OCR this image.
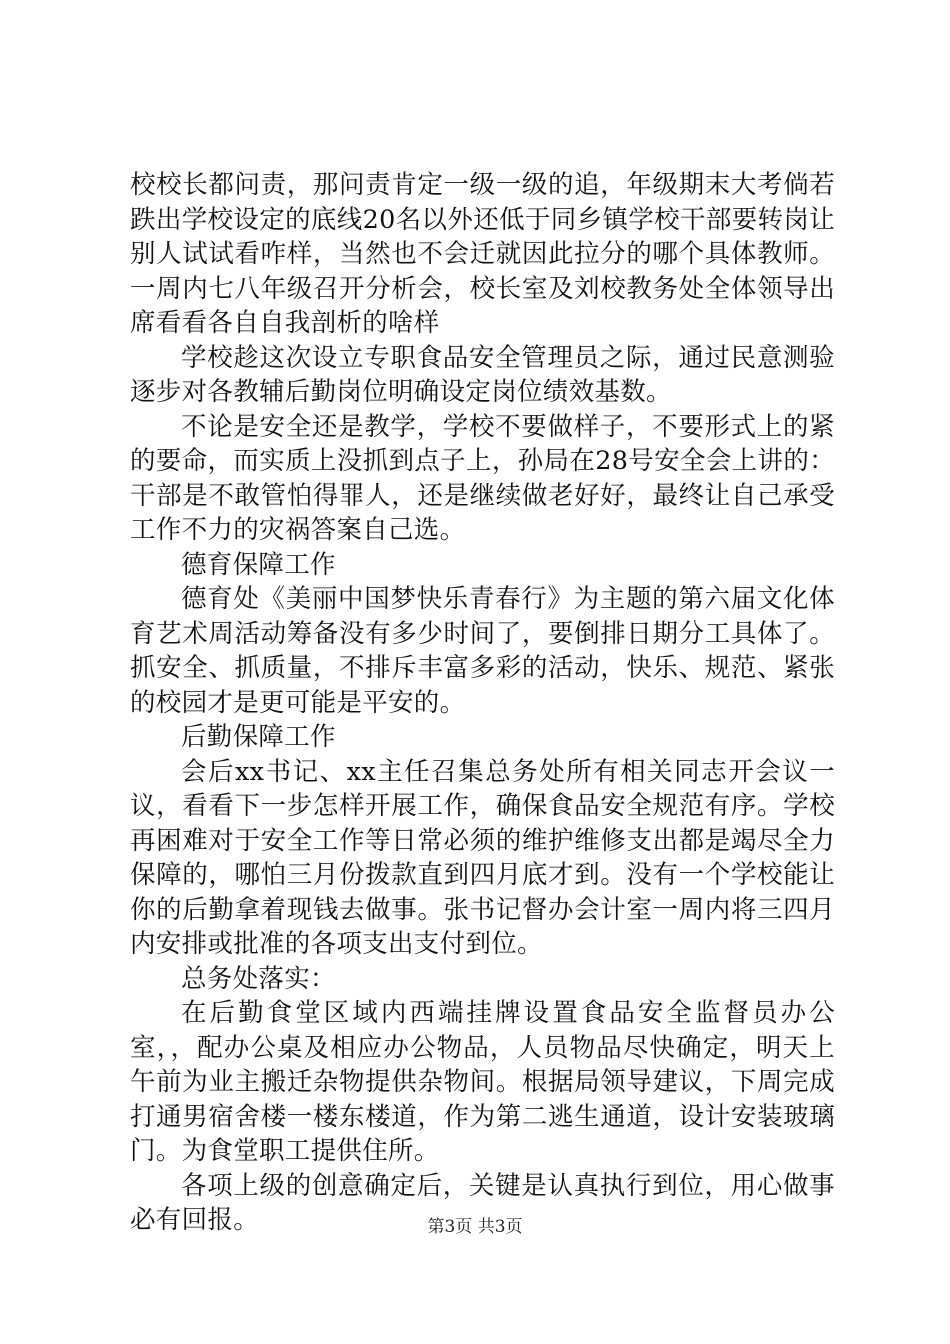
校校长都问责，那问责肯定一级一级的追，年级期末大考倘若跌出学校设定的底线20名以外还低于同乡镇学校干部要转岗让别人试试看咋样，当然也不会迁就因此拉分的哪个具体教师。一周内七八年级召开分析会，校长室及刘校教务处全体领导出席看看各自自我剖析的啥样

学校趁这次设立专职食品安全管理员之际，通过民意测验逐步对各教辅后勤岗位明确设定岗位绩效基数。

不论是安全还是教学，学校不要做样子，不要形式上的紧的要命，而实质上没抓到点子上，孙局在28号安全会上讲的：干部是不敢管怕得罪人，还是继续做老好好，最终让自己承受工作不力的灾祸答案自己选。

德育保障工作

德育处《美丽中国梦快乐青春行》为主题的第六届文化体育艺术周活动筹备没有多少时间了，要倒排日期分工具体了。抓安全、抓质量，不排斥丰富多彩的活动，快乐、规范、紧张的校园才是更可能是平安的。

后勤保障工作

会后xx书记、xx主任召集总务处所有相关同志开会议一议，看看下一步怎样开展工作，确保食品安全规范有序。学校再困难对于安全工作等日常必须的维护维修支出都是竭尽全力保障的，哪怕三月份拨款直到四月底才到。没有一个学校能让你的后勤拿着现钱去做事。张书记督办会计室一周内将三四月内安排或批准的各项支出支付到位。

总务处落实：

在后勤食堂区域内西端挂牌设置食品安全监督员办公室，，配办公桌及相应办公物品，人员物品尽快确定，明天上午前为业主搬迁杂物提供杂物间。根据局领导建议，下周完成打通男宿舍楼一楼东楼道，作为第二逃生通道，设计安装玻璃门。为食堂职工提供住所。

各项上级的创意确定后，关键是认真执行到位，用心做事必有回报。	第3页 共3页
